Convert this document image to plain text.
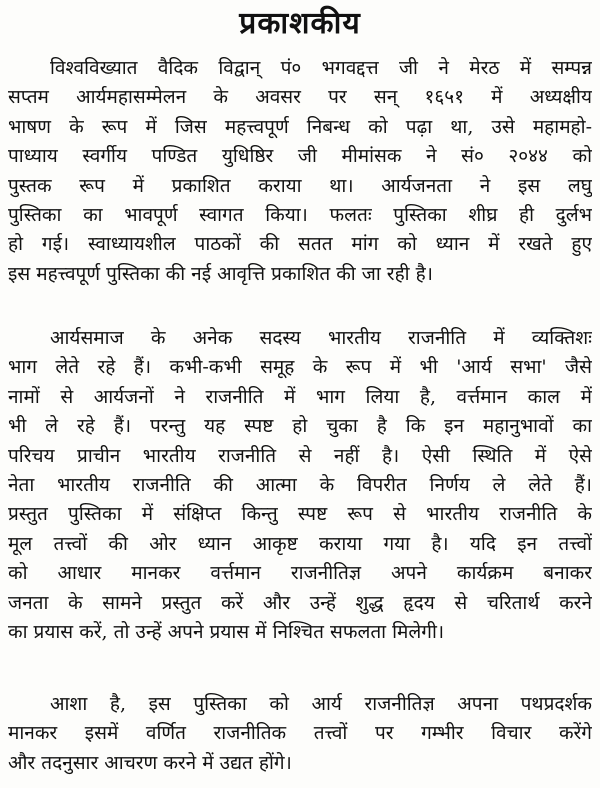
प्रकाशकीय
विश्वविख्यात वैदिक विद्वान् पं० भगवद्दत्त जी ने मेरठ में सम्पन्न
सप्तम आर्यमहासम्मेलन के अवसर पर सन् १६५१ में अध्यक्षीय
भाषण के रूप में जिस महत्त्वपूर्ण निबन्ध को पढ़ा था, उसे महामहो-
पाध्याय स्वर्गीय पण्डित युधिष्ठिर जी मीमांसक ने सं० २०४४ को
पुस्तक रूप में प्रकाशित कराया था। आर्यजनता ने इस लघु
पुस्तिका का भावपूर्ण स्वागत किया। फलतः पुस्तिका शीघ्र ही दुर्लभ
हो गई। स्वाध्यायशील पाठकों की सतत मांग को ध्यान में रखते हुए
इस महत्त्वपूर्ण पुस्तिका की नई आवृत्ति प्रकाशित की जा रही है।
आर्यसमाज के अनेक सदस्य भारतीय राजनीति में व्यक्तिशः
भाग लेते रहे हैं। कभी-कभी समूह के रूप में भी 'आर्य सभा' जैसे
नामों से आर्यजनों ने राजनीति में भाग लिया है, वर्त्तमान काल में
भी ले रहे हैं। परन्तु यह स्पष्ट हो चुका है कि इन महानुभावों का
परिचय प्राचीन भारतीय राजनीति से नहीं है। ऐसी स्थिति में ऐसे
नेता भारतीय राजनीति की आत्मा के विपरीत निर्णय ले लेते हैं।
प्रस्तुत पुस्तिका में संक्षिप्त किन्तु स्पष्ट रूप से भारतीय राजनीति के
मूल तत्त्वों की ओर ध्यान आकृष्ट कराया गया है। यदि इन तत्त्वों
को आधार मानकर वर्त्तमान राजनीतिज्ञ अपने कार्यक्रम बनाकर
जनता के सामने प्रस्तुत करें और उन्हें शुद्ध हृदय से चरितार्थ करने
का प्रयास करें, तो उन्हें अपने प्रयास में निश्चित सफलता मिलेगी।
आशा है, इस पुस्तिका को आर्य राजनीतिज्ञ अपना पथप्रदर्शक
मानकर इसमें वर्णित राजनीतिक तत्त्वों पर गम्भीर विचार करेंगे
और तदनुसार आचरण करने में उद्यत होंगे।
